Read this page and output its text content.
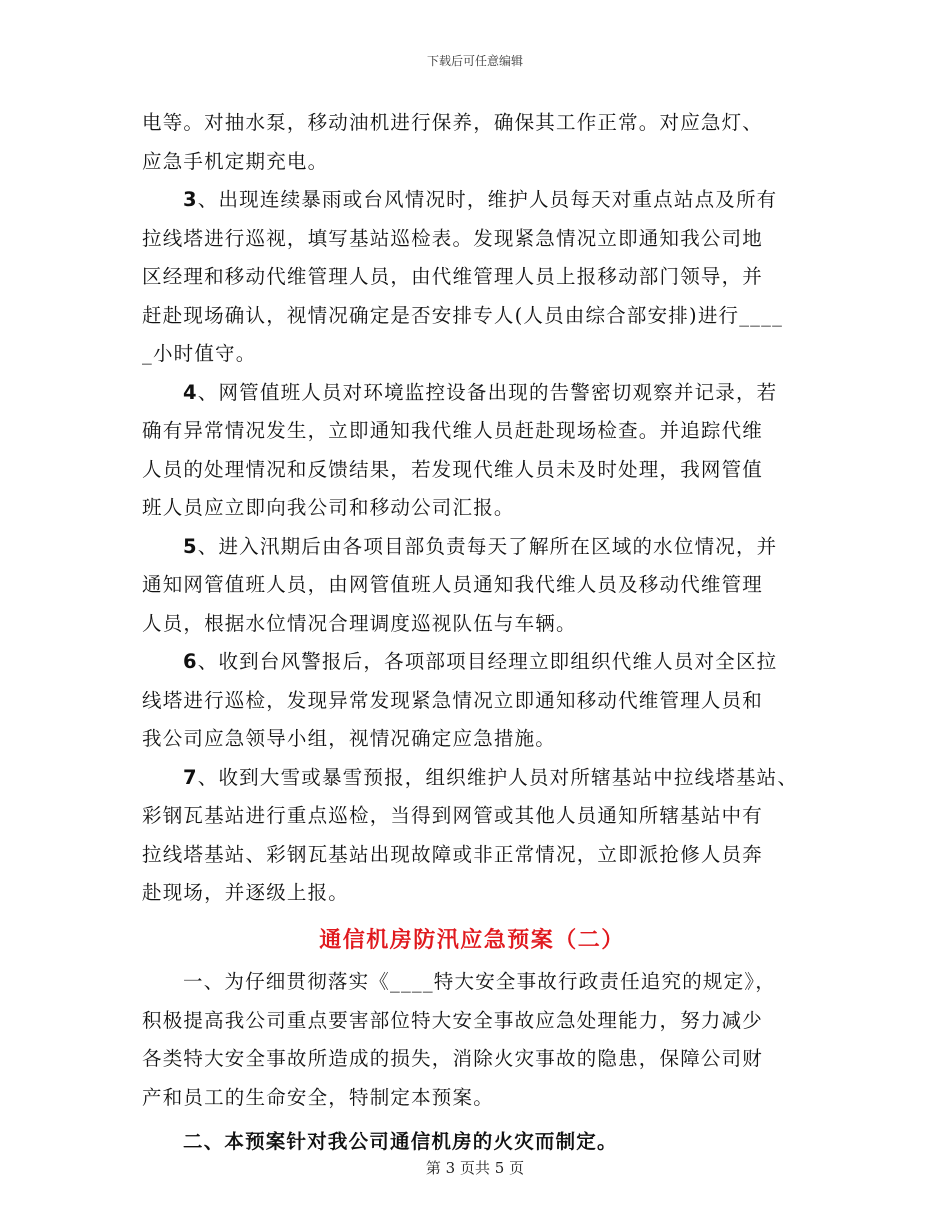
下载后可任意编辑

电等。对抽水泵，移动油机进行保养，确保其工作正常。对应急灯、
应急手机定期充电。

3、出现连续暴雨或台风情况时，维护人员每天对重点站点及所有
拉线塔进行巡视，填写基站巡检表。发现紧急情况立即通知我公司地
区经理和移动代维管理人员，由代维管理人员上报移动部门领导，并
赶赴现场确认，视情况确定是否安排专人(人员由综合部安排)进行____
_小时值守。

4、网管值班人员对环境监控设备出现的告警密切观察并记录，若
确有异常情况发生，立即通知我代维人员赶赴现场检查。并追踪代维
人员的处理情况和反馈结果，若发现代维人员未及时处理，我网管值
班人员应立即向我公司和移动公司汇报。

5、进入汛期后由各项目部负责每天了解所在区域的水位情况，并
通知网管值班人员，由网管值班人员通知我代维人员及移动代维管理
人员，根据水位情况合理调度巡视队伍与车辆。

6、收到台风警报后，各项部项目经理立即组织代维人员对全区拉
线塔进行巡检，发现异常发现紧急情况立即通知移动代维管理人员和
我公司应急领导小组，视情况确定应急措施。

7、收到大雪或暴雪预报，组织维护人员对所辖基站中拉线塔基站、
彩钢瓦基站进行重点巡检，当得到网管或其他人员通知所辖基站中有
拉线塔基站、彩钢瓦基站出现故障或非正常情况，立即派抢修人员奔
赴现场，并逐级上报。

通信机房防汛应急预案（二）

一、为仔细贯彻落实《____特大安全事故行政责任追究的规定》，
积极提高我公司重点要害部位特大安全事故应急处理能力，努力减少
各类特大安全事故所造成的损失，消除火灾事故的隐患，保障公司财
产和员工的生命安全，特制定本预案。

二、本预案针对我公司通信机房的火灾而制定。

第 3 页共 5 页
